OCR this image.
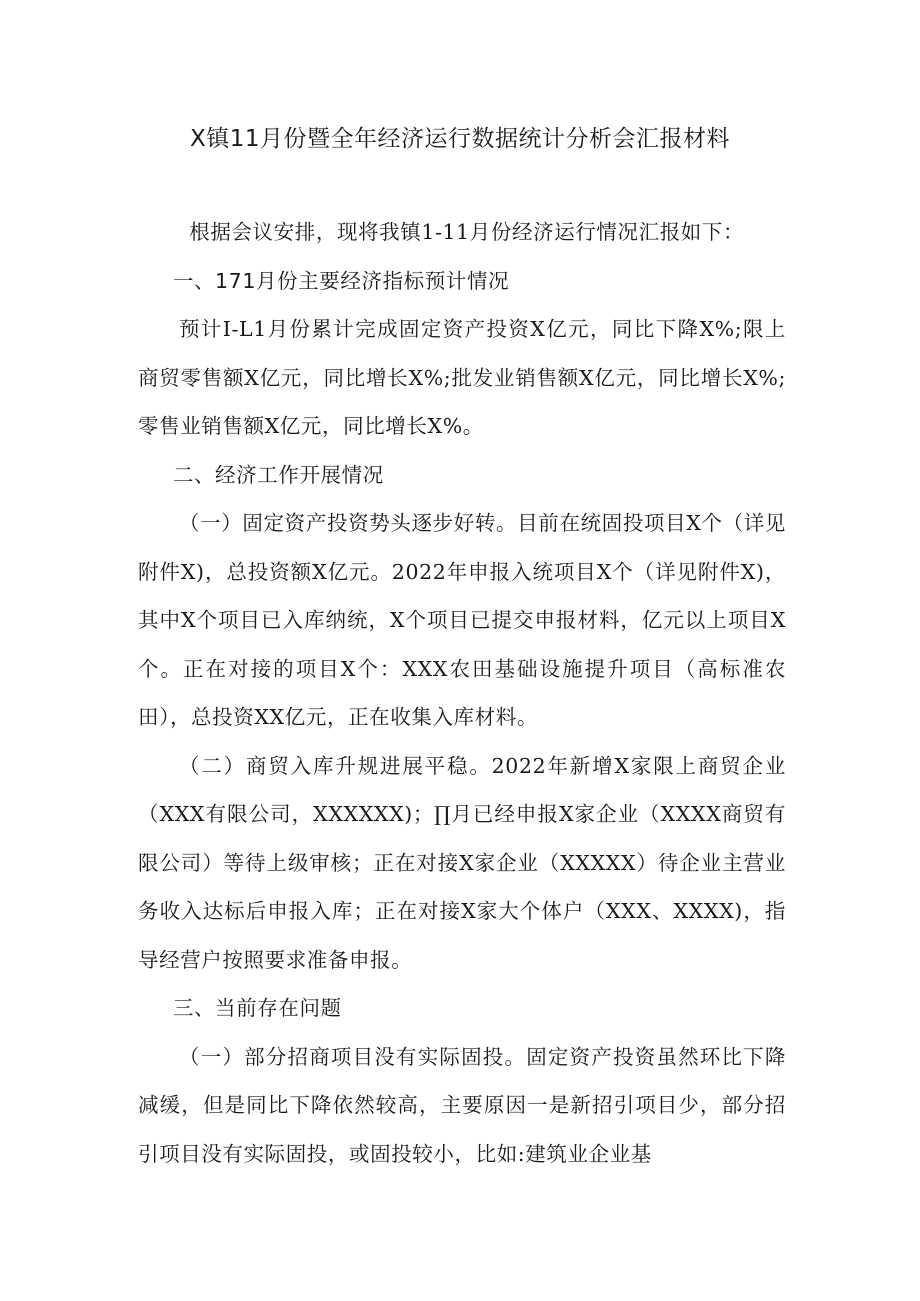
X镇11月份暨全年经济运行数据统计分析会汇报材料

根据会议安排，现将我镇1-11月份经济运行情况汇报如下：

一、171月份主要经济指标预计情况

预计I-L1月份累计完成固定资产投资X亿元，同比下降X%;限上商贸零售额X亿元，同比增长X%;批发业销售额X亿元，同比增长X%;零售业销售额X亿元，同比增长X%。

二、经济工作开展情况

（一）固定资产投资势头逐步好转。目前在统固投项目X个（详见附件X)，总投资额X亿元。2022年申报入统项目X个（详见附件X)，其中X个项目已入库纳统，X个项目已提交申报材料，亿元以上项目X个。正在对接的项目X个：XXX农田基础设施提升项目（高标准农田），总投资XX亿元，正在收集入库材料。

（二）商贸入库升规进展平稳。2022年新增X家限上商贸企业（XXX有限公司，XXXXXX)；∏月已经申报X家企业（XXXX商贸有限公司）等待上级审核；正在对接X家企业（XXXXX）待企业主营业务收入达标后申报入库；正在对接X家大个体户（XXX、XXXX)，指导经营户按照要求准备申报。

三、当前存在问题

（一）部分招商项目没有实际固投。固定资产投资虽然环比下降减缓，但是同比下降依然较高，主要原因一是新招引项目少，部分招引项目没有实际固投，或固投较小，比如:建筑业企业基
